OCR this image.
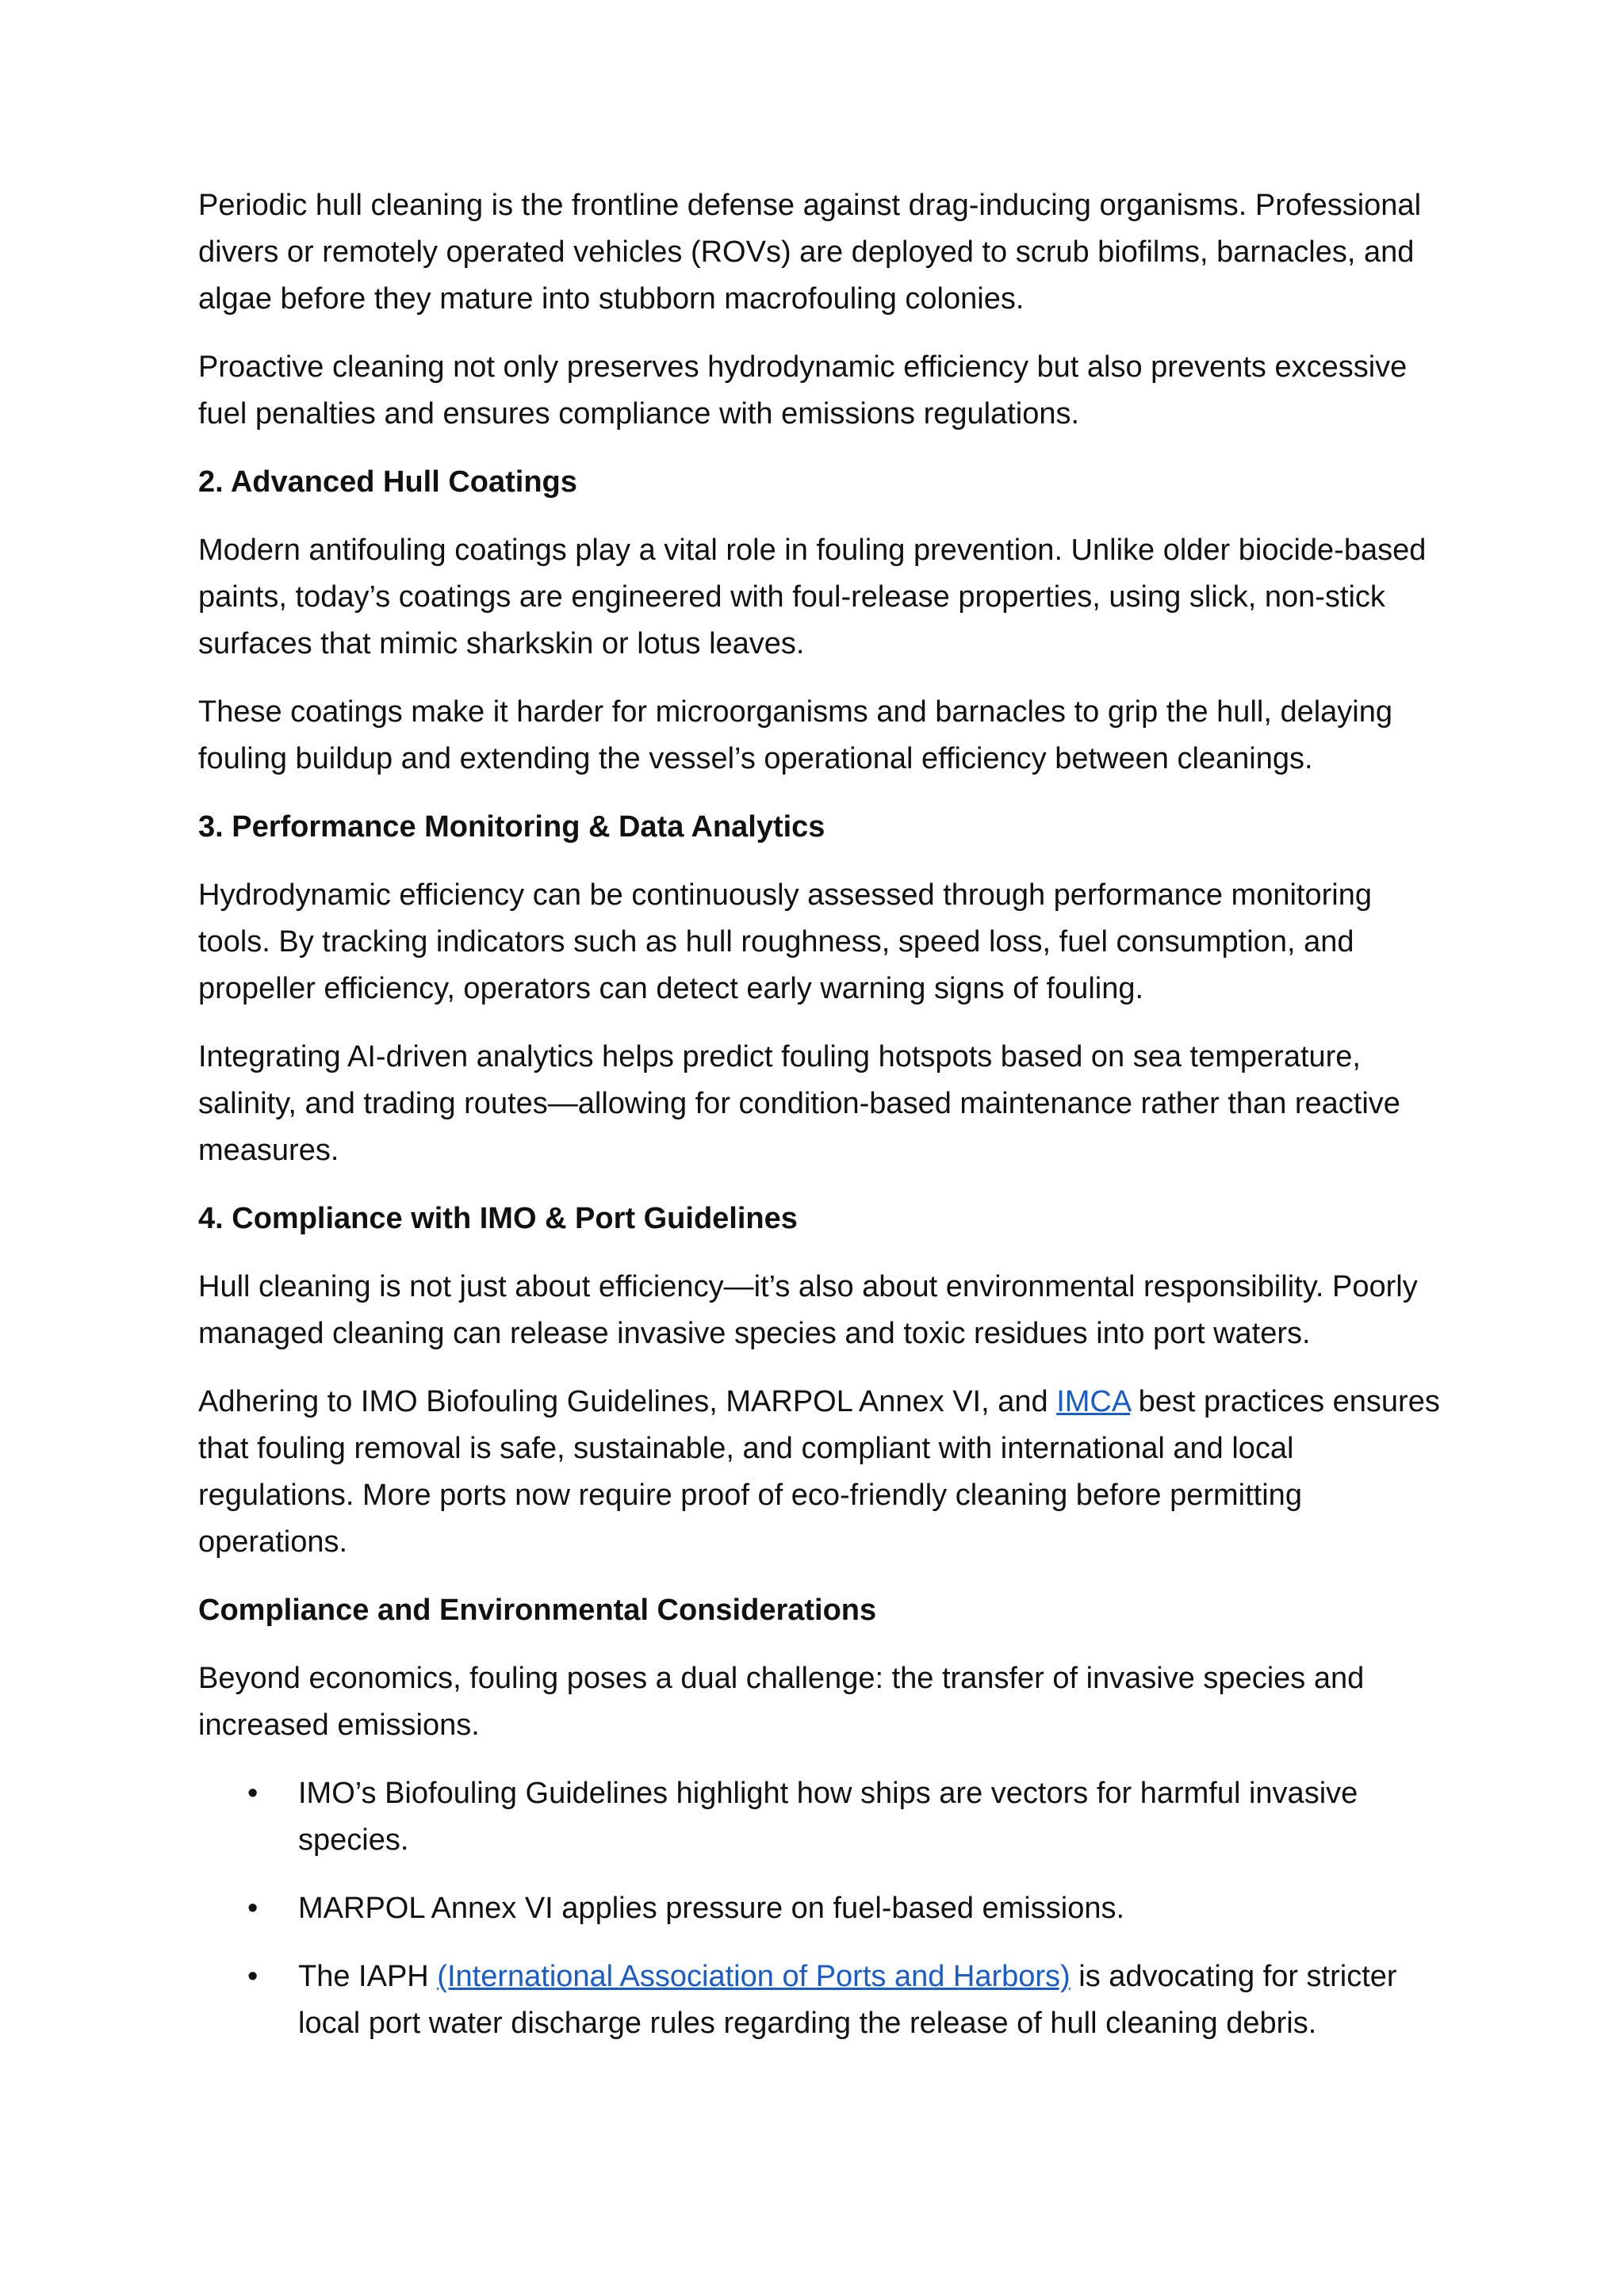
Periodic hull cleaning is the frontline defense against drag-inducing organisms. Professional divers or remotely operated vehicles (ROVs) are deployed to scrub biofilms, barnacles, and algae before they mature into stubborn macrofouling colonies.

Proactive cleaning not only preserves hydrodynamic efficiency but also prevents excessive fuel penalties and ensures compliance with emissions regulations.

2. Advanced Hull Coatings

Modern antifouling coatings play a vital role in fouling prevention. Unlike older biocide-based paints, today’s coatings are engineered with foul-release properties, using slick, non-stick surfaces that mimic sharkskin or lotus leaves.

These coatings make it harder for microorganisms and barnacles to grip the hull, delaying fouling buildup and extending the vessel’s operational efficiency between cleanings.

3. Performance Monitoring & Data Analytics

Hydrodynamic efficiency can be continuously assessed through performance monitoring tools. By tracking indicators such as hull roughness, speed loss, fuel consumption, and propeller efficiency, operators can detect early warning signs of fouling.

Integrating AI-driven analytics helps predict fouling hotspots based on sea temperature, salinity, and trading routes—allowing for condition-based maintenance rather than reactive measures.

4. Compliance with IMO & Port Guidelines

Hull cleaning is not just about efficiency—it’s also about environmental responsibility. Poorly managed cleaning can release invasive species and toxic residues into port waters.

Adhering to IMO Biofouling Guidelines, MARPOL Annex VI, and IMCA best practices ensures that fouling removal is safe, sustainable, and compliant with international and local regulations. More ports now require proof of eco-friendly cleaning before permitting operations.

Compliance and Environmental Considerations

Beyond economics, fouling poses a dual challenge: the transfer of invasive species and increased emissions.

• IMO’s Biofouling Guidelines highlight how ships are vectors for harmful invasive species.
• MARPOL Annex VI applies pressure on fuel-based emissions.
• The IAPH (International Association of Ports and Harbors) is advocating for stricter local port water discharge rules regarding the release of hull cleaning debris.
